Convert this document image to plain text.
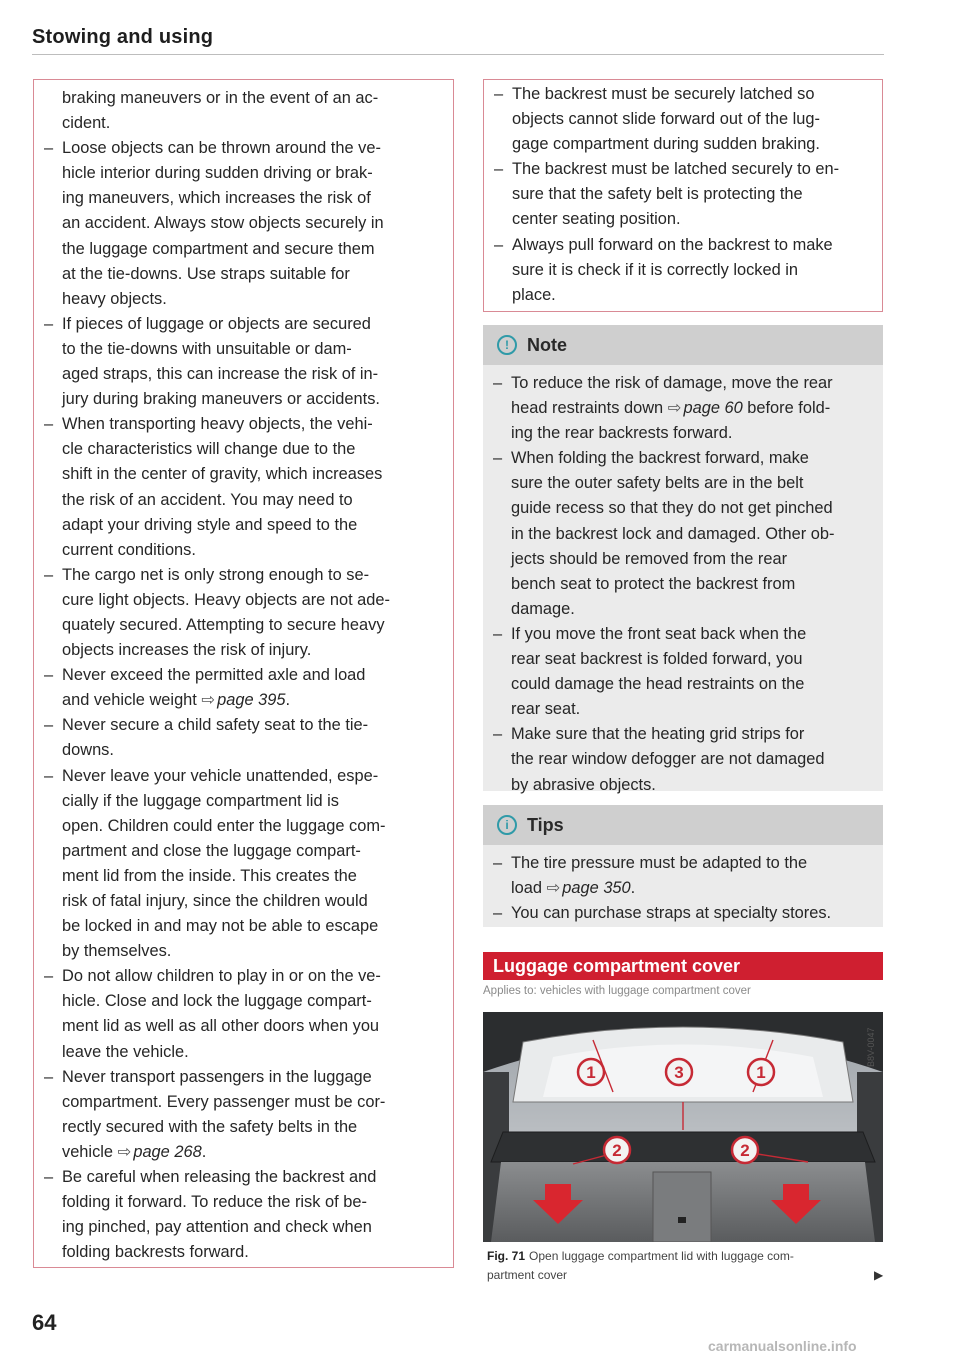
Stowing and using
braking maneuvers or in the event of an ac-
cident.
– Loose objects can be thrown around the ve-
hicle interior during sudden driving or brak-
ing maneuvers, which increases the risk of
an accident. Always stow objects securely in
the luggage compartment and secure them
at the tie-downs. Use straps suitable for
heavy objects.
– If pieces of luggage or objects are secured
to the tie-downs with unsuitable or dam-
aged straps, this can increase the risk of in-
jury during braking maneuvers or accidents.
– When transporting heavy objects, the vehi-
cle characteristics will change due to the
shift in the center of gravity, which increases
the risk of an accident. You may need to
adapt your driving style and speed to the
current conditions.
– The cargo net is only strong enough to se-
cure light objects. Heavy objects are not ade-
quately secured. Attempting to secure heavy
objects increases the risk of injury.
– Never exceed the permitted axle and load
and vehicle weight ⇨ page 395.
– Never secure a child safety seat to the tie-
downs.
– Never leave your vehicle unattended, espe-
cially if the luggage compartment lid is
open. Children could enter the luggage com-
partment and close the luggage compart-
ment lid from the inside. This creates the
risk of fatal injury, since the children would
be locked in and may not be able to escape
by themselves.
– Do not allow children to play in or on the ve-
hicle. Close and lock the luggage compart-
ment lid as well as all other doors when you
leave the vehicle.
– Never transport passengers in the luggage
compartment. Every passenger must be cor-
rectly secured with the safety belts in the
vehicle ⇨ page 268.
– Be careful when releasing the backrest and
folding it forward. To reduce the risk of be-
ing pinched, pay attention and check when
folding backrests forward.
– The backrest must be securely latched so
objects cannot slide forward out of the lug-
gage compartment during sudden braking.
– The backrest must be latched securely to en-
sure that the safety belt is protecting the
center seating position.
– Always pull forward on the backrest to make
sure it is check if it is correctly locked in
place.
!	Note
– To reduce the risk of damage, move the rear
head restraints down ⇨ page 60 before fold-
ing the rear backrests forward.
– When folding the backrest forward, make
sure the outer safety belts are in the belt
guide recess so that they do not get pinched
in the backrest lock and damaged. Other ob-
jects should be removed from the rear
bench seat to protect the backrest from
damage.
– If you move the front seat back when the
rear seat backrest is folded forward, you
could damage the head restraints on the
rear seat.
– Make sure that the heating grid strips for
the rear window defogger are not damaged
by abrasive objects.
i	Tips
– The tire pressure must be adapted to the
load ⇨ page 350.
– You can purchase straps at specialty stores.
Luggage compartment cover
Applies to: vehicles with luggage compartment cover
1	3	1
2	2
B8V-0047
Fig. 71 Open luggage compartment lid with luggage com-
partment cover	▶
64
carmanualsonline.info
